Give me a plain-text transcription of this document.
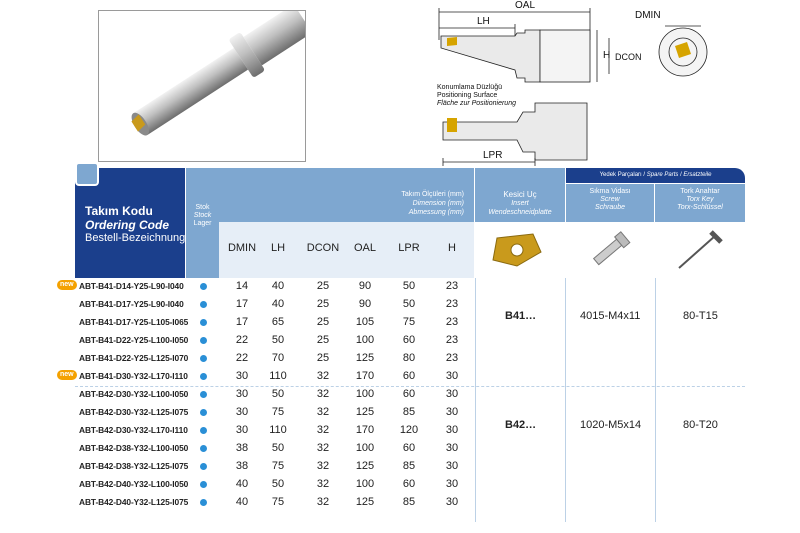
OAL
LH
DMIN
H DCON
LPR
Konumlama Düzlüğü
Positioning Surface
Fläche zur Positionierung
Takım Kodu
Ordering Code
Bestell-Bezeichnung
Stok
Stock
Lager
Takım Ölçüleri (mm)
Dimension (mm)
Abmessung (mm)
Kesici Uç
Insert
Wendeschneidplatte
Yedek Parçaları / Spare Parts / Ersatzteile
Sıkma Vidası
Screw
Schraube
Tork Anahtar
Torx Key
Torx-Schlüssel
DMIN	LH	DCON	OAL	LPR	H
new ABT-B41-D14-Y25-L90-I040	14	40	25	90	50	23
ABT-B41-D17-Y25-L90-I040	17	40	25	90	50	23
ABT-B41-D17-Y25-L105-I065	17	65	25	105	75	23
ABT-B41-D22-Y25-L100-I050	22	50	25	100	60	23
ABT-B41-D22-Y25-L125-I070	22	70	25	125	80	23
new ABT-B41-D30-Y32-L170-I110	30	110	32	170	60	30
ABT-B42-D30-Y32-L100-I050	30	50	32	100	60	30
ABT-B42-D30-Y32-L125-I075	30	75	32	125	85	30
ABT-B42-D30-Y32-L170-I110	30	110	32	170	120	30
ABT-B42-D38-Y32-L100-I050	38	50	32	100	60	30
ABT-B42-D38-Y32-L125-I075	38	75	32	125	85	30
ABT-B42-D40-Y32-L100-I050	40	50	32	100	60	30
ABT-B42-D40-Y32-L125-I075	40	75	32	125	85	30
B41…	4015-M4x11	80-T15
B42…	1020-M5x14	80-T20
